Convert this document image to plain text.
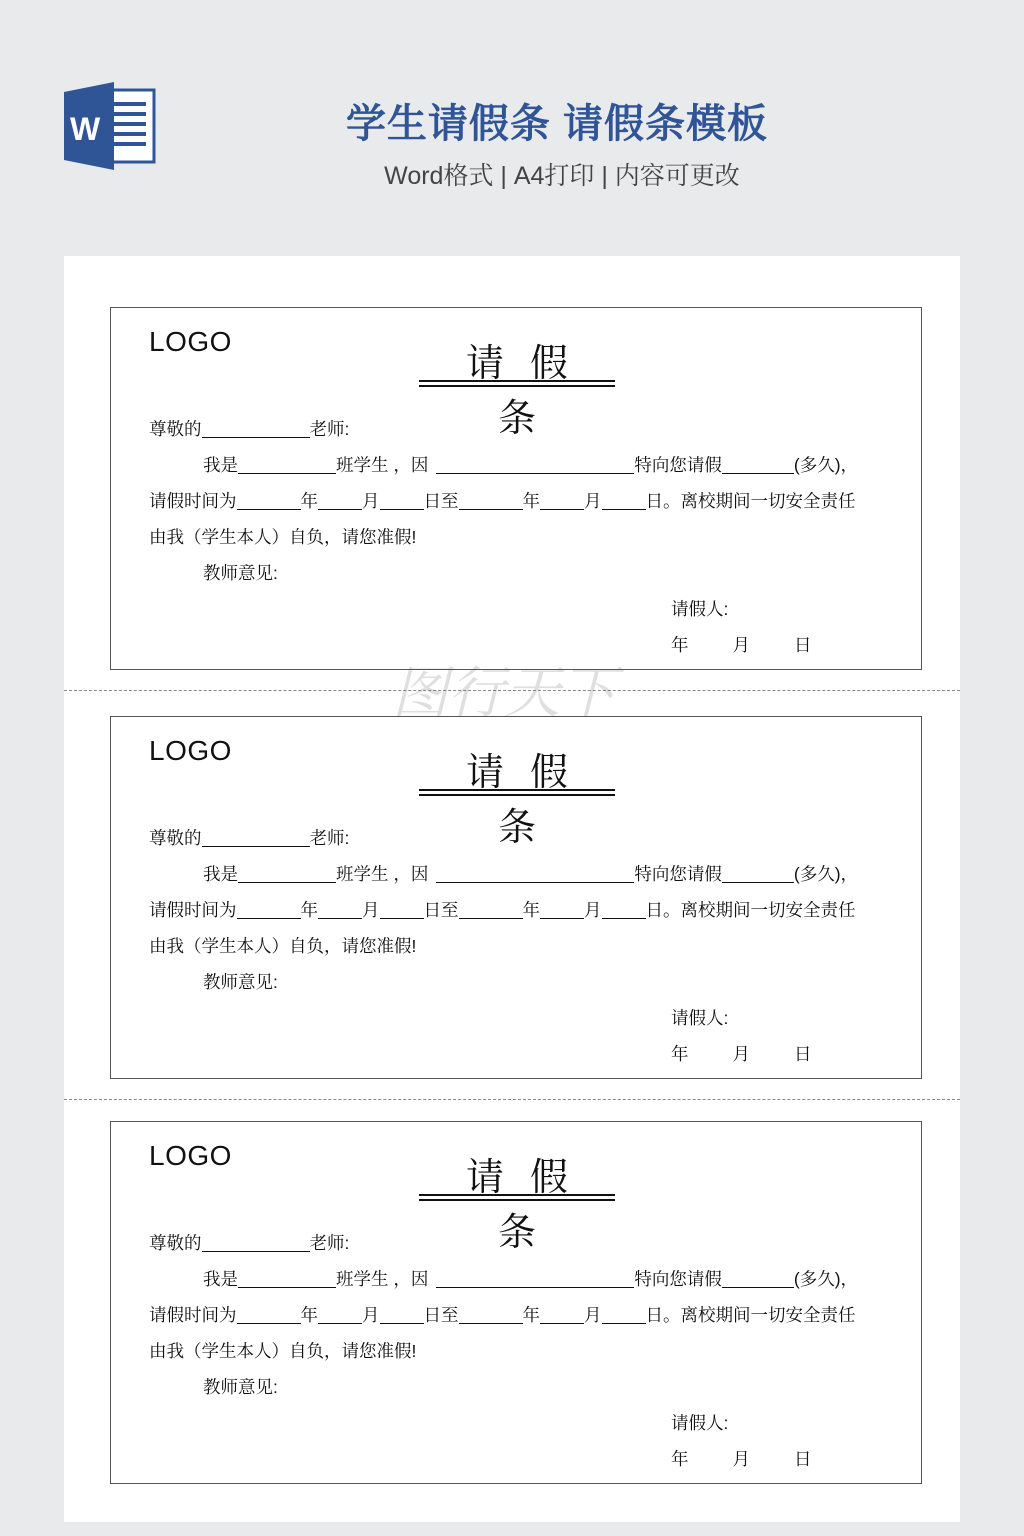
W	学生请假条 请假条模板
Word格式 | A4打印 | 内容可更改
LOGO	请假条
尊敬的	老师:
我是	班学生 ，因	特向您请假	(多久)，
请假时间为	年	月	日至	年	月	日。离校期间一切安全责任
由我（学生本人）自负，请您准假!
教师意见:
请假人:
年	月	日
LOGO	请假条
尊敬的	老师:
我是	班学生 ，因	特向您请假	(多久)，
请假时间为	年	月	日至	年	月	日。离校期间一切安全责任
由我（学生本人）自负，请您准假!
教师意见:
请假人:
年	月	日
LOGO	请假条
尊敬的	老师:
我是	班学生 ，因	特向您请假	(多久)，
请假时间为	年	月	日至	年	月	日。离校期间一切安全责任
由我（学生本人）自负，请您准假!
教师意见:
请假人:
年	月	日
图行天下
